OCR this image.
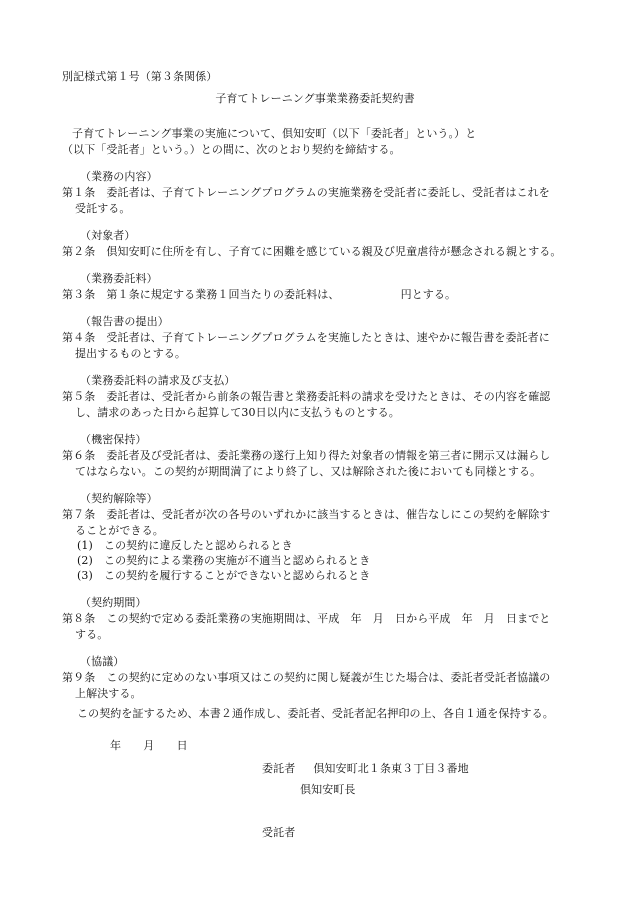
別記様式第１号（第３条関係）
子育てトレーニング事業業務委託契約書
子育てトレーニング事業の実施について、倶知安町（以下「委託者」という。）と
（以下「受託者」という。）との間に、次のとおり契約を締結する。
（業務の内容）
第１条　委託者は、子育てトレーニングプログラムの実施業務を受託者に委託し、受託者はこれを
受託する。
（対象者）
第２条　倶知安町に住所を有し、子育てに困難を感じている親及び児童虐待が懸念される親とする。
（業務委託料）
第３条　第１条に規定する業務１回当たりの委託料は、　　　　　　円とする。
（報告書の提出）
第４条　受託者は、子育てトレーニングプログラムを実施したときは、速やかに報告書を委託者に
提出するものとする。
（業務委託料の請求及び支払）
第５条　委託者は、受託者から前条の報告書と業務委託料の請求を受けたときは、その内容を確認
し、請求のあった日から起算して30日以内に支払うものとする。
（機密保持）
第６条　委託者及び受託者は、委託業務の遂行上知り得た対象者の情報を第三者に開示又は漏らし
てはならない。この契約が期間満了により終了し、又は解除された後においても同様とする。
（契約解除等）
第７条　委託者は、受託者が次の各号のいずれかに該当するときは、催告なしにこの契約を解除す
ることができる。
(1)　この契約に違反したと認められるとき
(2)　この契約による業務の実施が不適当と認められるとき
(3)　この契約を履行することができないと認められるとき
（契約期間）
第８条　この契約で定める委託業務の実施期間は、平成　年　月　日から平成　年　月　日までと
する。
（協議）
第９条　この契約に定めのない事項又はこの契約に関し疑義が生じた場合は、委託者受託者協議の
上解決する。
この契約を証するため、本書２通作成し、委託者、受託者記名押印の上、各自１通を保持する。
年　　月　　日
委託者 倶知安町北１条東３丁目３番地
倶知安町長
受託者
